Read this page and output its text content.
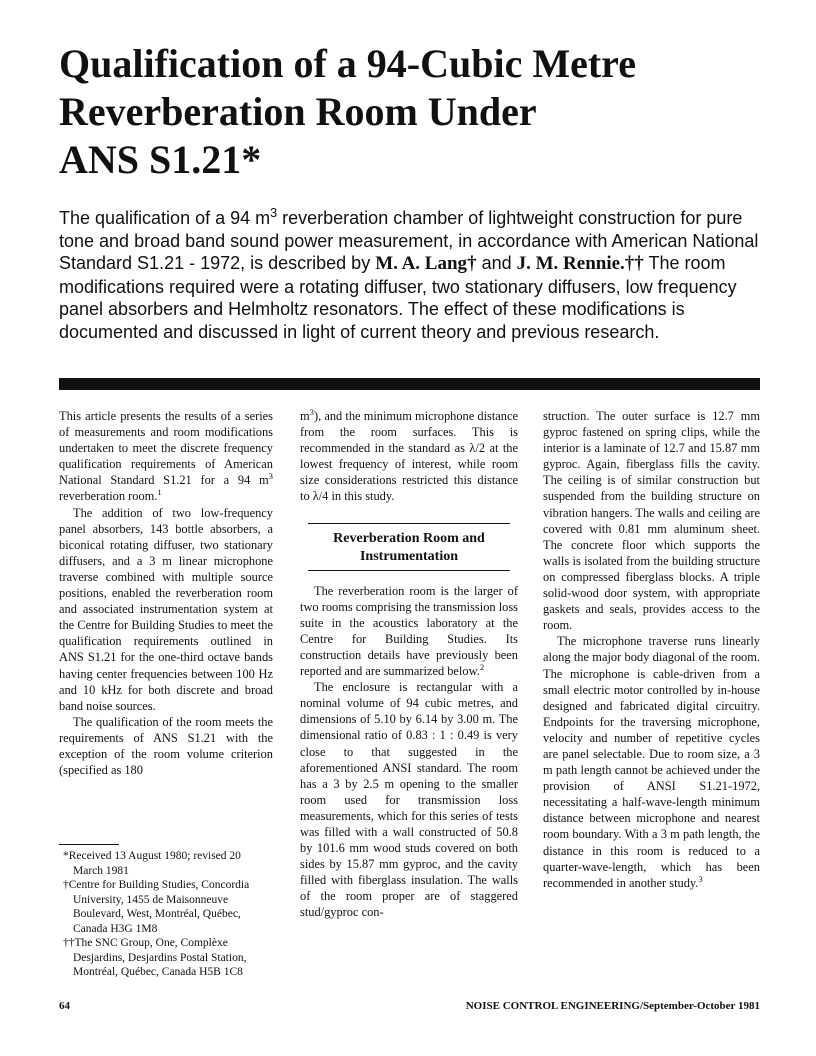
Qualification of a 94-Cubic Metre
Reverberation Room Under
ANS S1.21*

The qualification of a 94 $m^3$ reverberation chamber of lightweight construction for pure tone and broad band sound power measurement, in accordance with American National Standard S1.21 - 1972, is described by M. A. Lang† and J. M. Rennie.†† The room modifications required were a rotating diffuser, two stationary diffusers, low frequency panel absorbers and Helmholtz resonators. The effect of these modifications is documented and discussed in light of current theory and previous research.

This article presents the results of a series of measurements and room modifications undertaken to meet the discrete frequency qualification requirements of American National Standard S1.21 for a 94 $m^3$ reverberation room.$^1$

The addition of two low-frequency panel absorbers, 143 bottle absorbers, a biconical rotating diffuser, two stationary diffusers, and a 3 m linear microphone traverse combined with multiple source positions, enabled the reverberation room and associated instrumentation system at the Centre for Building Studies to meet the qualification requirements outlined in ANS S1.21 for the one-third octave bands having center frequencies between 100 Hz and 10 kHz for both discrete and broad band noise sources.

The qualification of the room meets the requirements of ANS S1.21 with the exception of the room volume criterion (specified as 180

*Received 13 August 1980; revised 20 March 1981

†Centre for Building Studies, Concordia University, 1455 de Maisonneuve Boulevard, West, Montréal, Québec, Canada H3G 1M8

††The SNC Group, One, Complèxe Desjardins, Desjardins Postal Station, Montréal, Québec, Canada H5B 1C8

$m^3$), and the minimum microphone distance from the room surfaces. This is recommended in the standard as λ/2 at the lowest frequency of interest, while room size considerations restricted this distance to λ/4 in this study.

Reverberation Room and
Instrumentation

The reverberation room is the larger of two rooms comprising the transmission loss suite in the acoustics laboratory at the Centre for Building Studies. Its construction details have previously been reported and are summarized below.$^2$

The enclosure is rectangular with a nominal volume of 94 cubic metres, and dimensions of 5.10 by 6.14 by 3.00 m. The dimensional ratio of 0.83 : 1 : 0.49 is very close to that suggested in the aforementioned ANSI standard. The room has a 3 by 2.5 m opening to the smaller room used for transmission loss measurements, which for this series of tests was filled with a wall constructed of 50.8 by 101.6 mm wood studs covered on both sides by 15.87 mm gyproc, and the cavity filled with fiberglass insulation. The walls of the room proper are of staggered stud/gyproc con-

struction. The outer surface is 12.7 mm gyproc fastened on spring clips, while the interior is a laminate of 12.7 and 15.87 mm gyproc. Again, fiberglass fills the cavity. The ceiling is of similar construction but suspended from the building structure on vibration hangers. The walls and ceiling are covered with 0.81 mm aluminum sheet. The concrete floor which supports the walls is isolated from the building structure on compressed fiberglass blocks. A triple solid-wood door system, with appropriate gaskets and seals, provides access to the room.

The microphone traverse runs linearly along the major body diagonal of the room. The microphone is cable-driven from a small electric motor controlled by in-house designed and fabricated digital circuitry. Endpoints for the traversing microphone, velocity and number of repetitive cycles are panel selectable. Due to room size, a 3 m path length cannot be achieved under the provision of ANSI S1.21-1972, necessitating a half-wave-length minimum distance between microphone and nearest room boundary. With a 3 m path length, the distance in this room is reduced to a quarter-wave-length, which has been recommended in another study.$^3$

64	NOISE CONTROL ENGINEERING/September-October 1981
